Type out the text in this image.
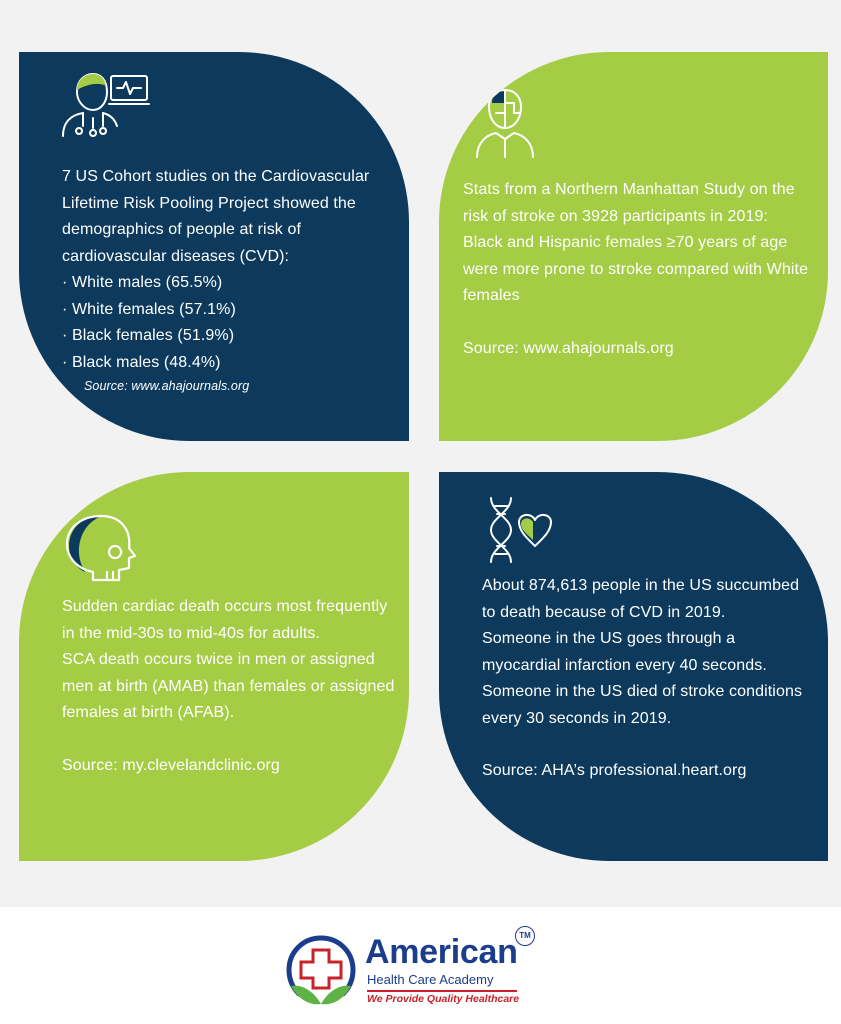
7 US Cohort studies on the Cardiovascular Lifetime Risk Pooling Project showed the demographics of people at risk of cardiovascular diseases (CVD):

· White males (65.5%)

· White females (57.1%)

· Black females (51.9%)

· Black males (48.4%)

Source: www.ahajournals.org

Stats from a Northern Manhattan Study on the risk of stroke on 3928 participants in 2019:

Black and Hispanic females ≥70 years of age were more prone to stroke compared with White females

Source: www.ahajournals.org

Sudden cardiac death occurs most frequently in the mid-30s to mid-40s for adults.

SCA death occurs twice in men or assigned men at birth (AMAB) than females or assigned females at birth (AFAB).

Source: my.clevelandclinic.org

About 874,613 people in the US succumbed to death because of CVD in 2019.

Someone in the US goes through a myocardial infarction every 40 seconds.

Someone in the US died of stroke conditions every 30 seconds in 2019.

Source: AHA’s professional.heart.org

American
Health Care Academy
We Provide Quality Healthcare
TM
